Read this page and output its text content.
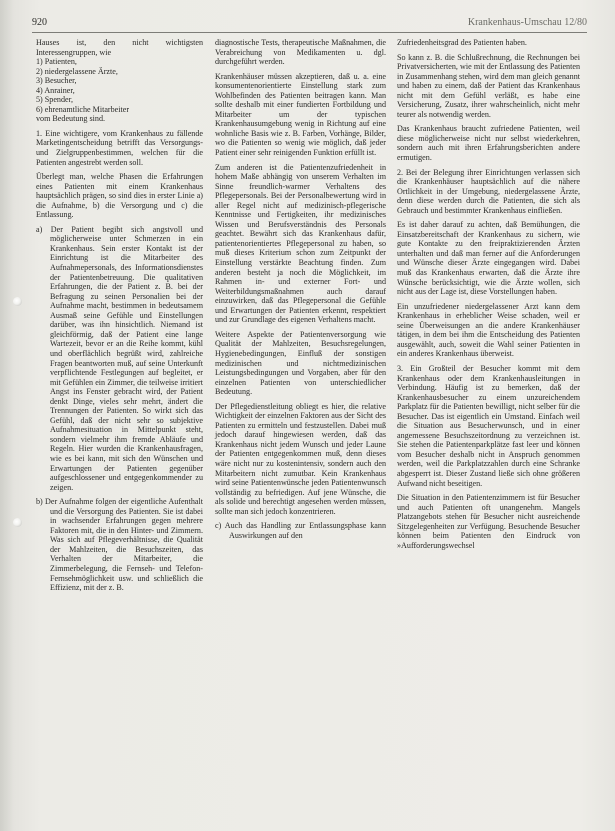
920	Krankenhaus-Umschau 12/80

Hauses ist, den nicht wichtigsten Interessengruppen, wie

1) Patienten,
2) niedergelassene Ärzte,
3) Besucher,
4) Anrainer,
5) Spender,
6) ehrenamtliche Mitarbeiter
vom Bedeutung sind.

1. Eine wichtigere, vom Krankenhaus zu fällende Marketingentscheidung betrifft das Versorgungs- und Zielgruppenbestimmen, welchen für die Patienten angestrebt werden soll.

Überlegt man, welche Phasen die Erfahrungen eines Patienten mit einem Krankenhaus hauptsächlich prägen, so sind dies in erster Linie a) die Aufnahme, b) die Versorgung und c) die Entlassung.

a) Der Patient begibt sich angstvoll und möglicherweise unter Schmerzen in ein Krankenhaus. Sein erster Kontakt ist der Einrichtung ist die Mitarbeiter des Aufnahmepersonals, des Informationsdienstes der Patientenbetreuung. Die qualitativen Erfahrungen, die der Patient z. B. bei der Befragung zu seinen Personalien bei der Aufnahme macht, bestimmen in bedeutsamem Ausmaß seine Gefühle und Einstellungen darüber, was ihn hinsichtlich. Niemand ist gleichförmig, daß der Patient eine lange Wartezeit, bevor er an die Reihe kommt, kühl und oberflächlich begrüßt wird, zahlreiche Fragen beantworten muß, auf seine Unterkunft verpflichtende Festlegungen auf begleitet, er mit Gefühlen ein Zimmer, die teilweise irritiert Angst ins Fenster gebracht wird, der Patient denkt Dinge, vieles sehr mehrt, ändert die Trennungen der Patienten. So wirkt sich das Gefühl, daß der nicht sehr so subjektive Aufnahmesituation in Mittelpunkt steht, sondern vielmehr ihm fremde Abläufe und Regeln. Hier wurden die Krankenhausfragen, wie es bei kann, mit sich den Wünschen und Erwartungen der Patienten gegenüber aufgeschlossener und entgegenkommender zu zeigen.

b) Der Aufnahme folgen der eigentliche Aufenthalt und die Versorgung des Patienten. Sie ist dabei in wachsender Erfahrungen gegen mehrere Faktoren mit, die in den Hinter- und Zimmern. Was sich auf Pflegeverhältnisse, die Qualität der Mahlzeiten, die Besuchszeiten, das Verhalten der Mitarbeiter, die Zimmerbelegung, die Fernseh- und Telefon-Fernsehmöglichkeit usw. und schließlich die Effizienz, mit der z. B.

diagnostische Tests, therapeutische Maßnahmen, die Verabreichung von Medikamenten u. dgl. durchgeführt werden.

Krankenhäuser müssen akzeptieren, daß u. a. eine konsumentenorientierte Einstellung stark zum Wohlbefinden des Patienten beitragen kann. Man sollte deshalb mit einer fundierten Fortbildung und Mitarbeiter um der typischen Krankenhausumgebung wenig in Richtung auf eine wohnliche Basis wie z. B. Farben, Vorhänge, Bilder, wo die Patienten so wenig wie möglich, daß jeder Patient einer sehr reinigenden Funktion erfüllt ist.

Zum anderen ist die Patientenzufriedenheit in hohem Maße abhängig von unserem Verhalten im Sinne freundlich-warmer Verhaltens des Pflegepersonals. Bei der Personalbewertung wird in aller Regel nicht auf medizinisch-pflegerische Kenntnisse und Fertigkeiten, ihr medizinisches Wissen und Berufsverständnis des Personals geachtet. Bewährt sich das Krankenhaus dafür, patientenorientiertes Pflegepersonal zu haben, so muß dieses Kriterium schon zum Zeitpunkt der Einstellung verstärkte Beachtung finden. Zum anderen besteht ja noch die Möglichkeit, im Rahmen in- und externer Fort- und Weiterbildungsmaßnahmen auch darauf einzuwirken, daß das Pflegepersonal die Gefühle und Erwartungen der Patienten erkennt, respektiert und zur Grundlage des eigenen Verhaltens macht.

Weitere Aspekte der Patientenversorgung wie Qualität der Mahlzeiten, Besuchsregelungen, Hygienebedingungen, Einfluß der sonstigen medizinischen und nichtmedizinischen Leistungsbedingungen und Vorgaben, aber für den einzelnen Patienten von unterschiedlicher Bedeutung.

Der Pflegedienstleitung obliegt es hier, die relative Wichtigkeit der einzelnen Faktoren aus der Sicht des Patienten zu ermitteln und festzustellen. Dabei muß jedoch darauf hingewiesen werden, daß das Krankenhaus nicht jedem Wunsch und jeder Laune der Patienten entgegenkommen muß, denn dieses wäre nicht nur zu kostenintensiv, sondern auch den Mitarbeitern nicht zumutbar. Kein Krankenhaus wird seine Patientenwünsche jeden Patientenwunsch vollständig zu befriedigen. Auf jene Wünsche, die als solide und berechtigt angesehen werden müssen, sollte man sich jedoch konzentrieren.

c) Auch das Handling zur Entlassungsphase kann Auswirkungen auf den

Zufriedenheitsgrad des Patienten haben.

So kann z. B. die Schlußrechnung, die Rechnungen bei Privatversicherten, wie mit der Entlassung des Patienten in Zusammenhang stehen, wird dem man gleich genannt und haben zu einem, daß der Patient das Krankenhaus nicht mit dem Gefühl verläßt, es habe eine Versicherung, Zusatz, ihrer wahrscheinlich, nicht mehr teurer als notwendig werden.

Das Krankenhaus braucht zufriedene Patienten, weil diese möglicherweise nicht nur selbst wiederkehren, sondern auch mit ihren Erfahrungsberichten andere ermutigen.

2. Bei der Belegung ihrer Einrichtungen verlassen sich die Krankenhäuser hauptsächlich auf die nähere Ortlichkeit in der Umgebung, niedergelassene Ärzte, denn diese werden durch die Patienten, die sich als Gebrauch und bestimmter Krankenhaus einfließen.

Es ist daher darauf zu achten, daß Bemühungen, die Einsatzbereitschaft der Krankenhaus zu sichern, wie gute Kontakte zu den freipraktizierenden Ärzten unterhalten und daß man ferner auf die Anforderungen und Wünsche dieser Ärzte eingegangen wird. Dabei muß das Krankenhaus erwarten, daß die Ärzte ihre Wünsche berücksichtigt, wie die Ärzte wollen, sich nicht aus der Lage ist, diese Vorstellungen haben.

Ein unzufriedener niedergelassener Arzt kann dem Krankenhaus in erheblicher Weise schaden, weil er seine Überweisungen an die andere Krankenhäuser tätigen, in dem bei ihm die Entscheidung des Patienten ausgewählt, auch, soweit die Wahl seiner Patienten in ein anderes Krankenhaus überweist.

3. Ein Großteil der Besucher kommt mit dem Krankenhaus oder dem Krankenhausleitungen in Verbindung. Häufig ist zu bemerken, daß der Krankenhausbesucher zu einem unzureichendem Parkplatz für die Patienten bewilligt, nicht selber für die Besucher. Das ist eigentlich ein Umstand. Einfach weil die Situation aus Besucherwunsch, und in einer angemessene Besuchszeitordnung zu verzeichnen ist. Sie stehen die Patientenparkplätze fast leer und können vom Besucher deshalb nicht in Anspruch genommen werden, weil die Parkplatzzahlen durch eine Schranke abgesperrt ist. Dieser Zustand ließe sich ohne größeren Aufwand nicht beseitigen.

Die Situation in den Patientenzimmern ist für Besucher und auch Patienten oft unangenehm. Mangels Platzangebots stehen für Besucher nicht ausreichende Sitzgelegenheiten zur Verfügung. Besuchende Besucher können beim Patienten den Eindruck von »Aufforderungswechsel
